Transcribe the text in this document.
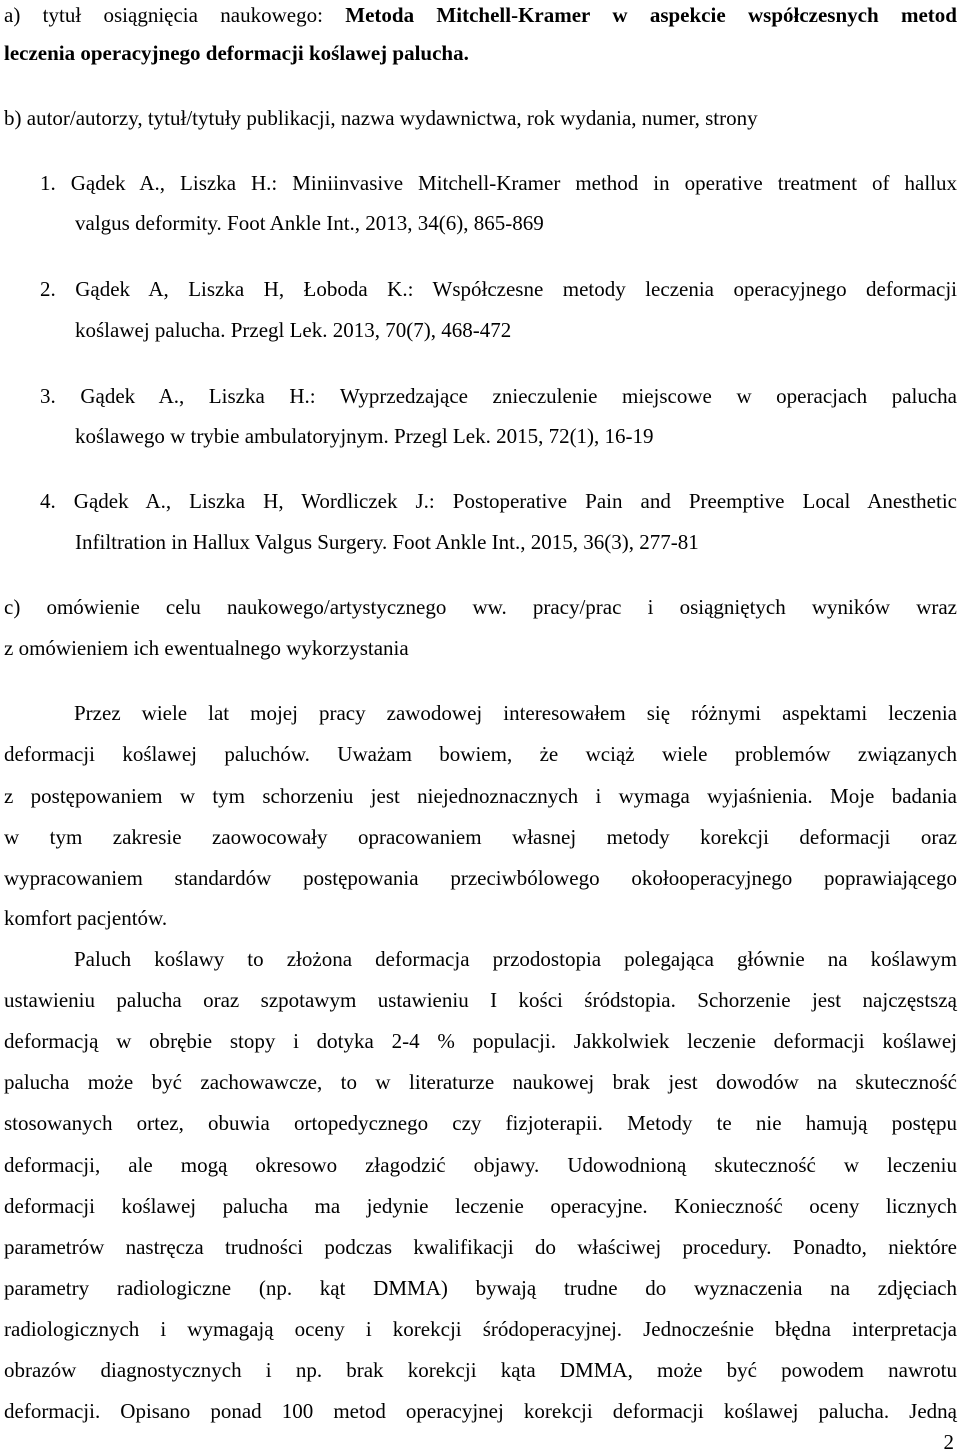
a) tytuł osiągnięcia naukowego: Metoda Mitchell-Kramer w aspekcie współczesnych metod
leczenia operacyjnego deformacji koślawej palucha.
b) autor/autorzy, tytuł/tytuły publikacji, nazwa wydawnictwa, rok wydania, numer, strony
1. Gądek A., Liszka H.: Miniinvasive Mitchell-Kramer method in operative treatment of hallux
valgus deformity. Foot Ankle Int., 2013, 34(6), 865-869
2. Gądek A, Liszka H, Łoboda K.: Współczesne metody leczenia operacyjnego deformacji
koślawej palucha. Przegl Lek. 2013, 70(7), 468-472
3. Gądek A., Liszka H.: Wyprzedzające znieczulenie miejscowe w operacjach palucha
koślawego w trybie ambulatoryjnym. Przegl Lek. 2015, 72(1), 16-19
4. Gądek A., Liszka H, Wordliczek J.: Postoperative Pain and Preemptive Local Anesthetic
Infiltration in Hallux Valgus Surgery. Foot Ankle Int., 2015, 36(3), 277-81
c) omówienie celu naukowego/artystycznego ww. pracy/prac i osiągniętych wyników wraz
z omówieniem ich ewentualnego wykorzystania
Przez wiele lat mojej pracy zawodowej interesowałem się różnymi aspektami leczenia
deformacji koślawej paluchów. Uważam bowiem, że wciąż wiele problemów związanych
z postępowaniem w tym schorzeniu jest niejednoznacznych i wymaga wyjaśnienia. Moje badania
w tym zakresie zaowocowały opracowaniem własnej metody korekcji deformacji oraz
wypracowaniem standardów postępowania przeciwbólowego okołooperacyjnego poprawiającego
komfort pacjentów.
Paluch koślawy to złożona deformacja przodostopia polegająca głównie na koślawym
ustawieniu palucha oraz szpotawym ustawieniu I kości śródstopia. Schorzenie jest najczęstszą
deformacją w obrębie stopy i dotyka 2-4 % populacji. Jakkolwiek leczenie deformacji koślawej
palucha może być zachowawcze, to w literaturze naukowej brak jest dowodów na skuteczność
stosowanych ortez, obuwia ortopedycznego czy fizjoterapii. Metody te nie hamują postępu
deformacji, ale mogą okresowo złagodzić objawy. Udowodnioną skuteczność w leczeniu
deformacji koślawej palucha ma jedynie leczenie operacyjne. Konieczność oceny licznych
parametrów nastręcza trudności podczas kwalifikacji do właściwej procedury. Ponadto, niektóre
parametry radiologiczne (np. kąt DMMA) bywają trudne do wyznaczenia na zdjęciach
radiologicznych i wymagają oceny i korekcji śródoperacyjnej. Jednocześnie błędna interpretacja
obrazów diagnostycznych i np. brak korekcji kąta DMMA, może być powodem nawrotu
deformacji. Opisano ponad 100 metod operacyjnej korekcji deformacji koślawej palucha. Jedną
2
